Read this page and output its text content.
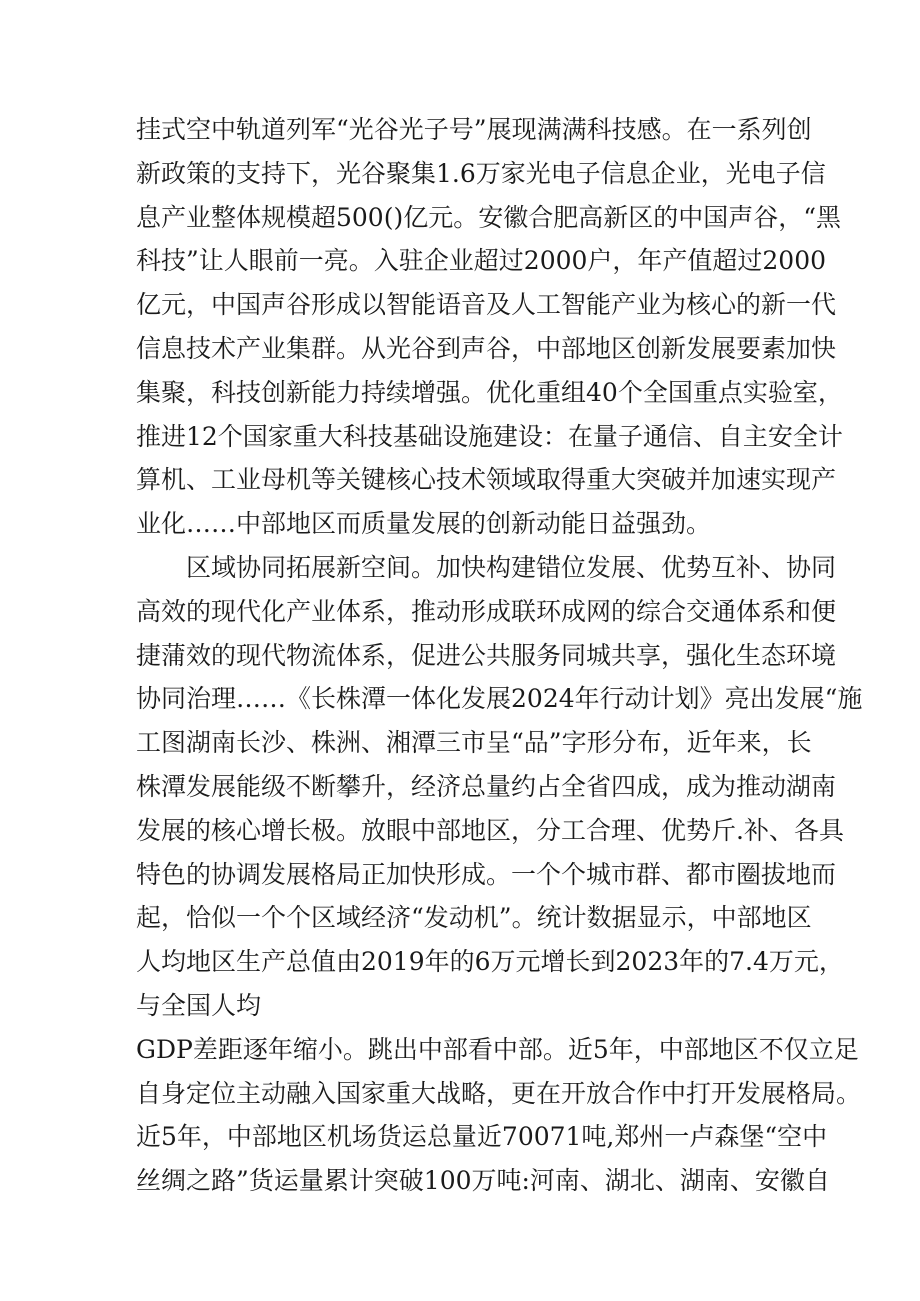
挂式空中轨道列军“光谷光子号”展现满满科技感。在一系列创
新政策的支持下，光谷聚集1.6万家光电子信息企业，光电子信
息产业整体规模超500()亿元。安徽合肥高新区的中国声谷，“黑
科技”让人眼前一亮。入驻企业超过2000户，年产值超过2000
亿元，中国声谷形成以智能语音及人工智能产业为核心的新一代
信息技术产业集群。从光谷到声谷，中部地区创新发展要素加快
集聚，科技创新能力持续增强。优化重组40个全国重点实验室，
推进12个国家重大科技基础设施建设：在量子通信、自主安全计
算机、工业母机等关键核心技术领域取得重大突破并加速实现产
业化……中部地区而质量发展的创新动能日益强劲。
　　区域协同拓展新空间。加快构建错位发展、优势互补、协同
高效的现代化产业体系，推动形成联环成网的综合交通体系和便
捷蒲效的现代物流体系，促进公共服务同城共享，强化生态环境
协同治理……《长株潭一体化发展2024年行动计划》亮出发展“施
工图湖南长沙、株洲、湘潭三市呈“品”字形分布，近年来，长
株潭发展能级不断攀升，经济总量约占全省四成，成为推动湖南
发展的核心增长极。放眼中部地区，分工合理、优势斤.补、各具
特色的协调发展格局正加快形成。一个个城市群、都市圈拔地而
起，恰似一个个区域经济“发动机”。统计数据显示，中部地区
人均地区生产总值由2019年的6万元增长到2023年的7.4万元，
与全国人均
GDP差距逐年缩小。跳出中部看中部。近5年，中部地区不仅立足
自身定位主动融入国家重大战略，更在开放合作中打开发展格局。
近5年，中部地区机场货运总量近70071吨,郑州一卢森堡“空中
丝绸之路”货运量累计突破100万吨:河南、湖北、湖南、安徽自
